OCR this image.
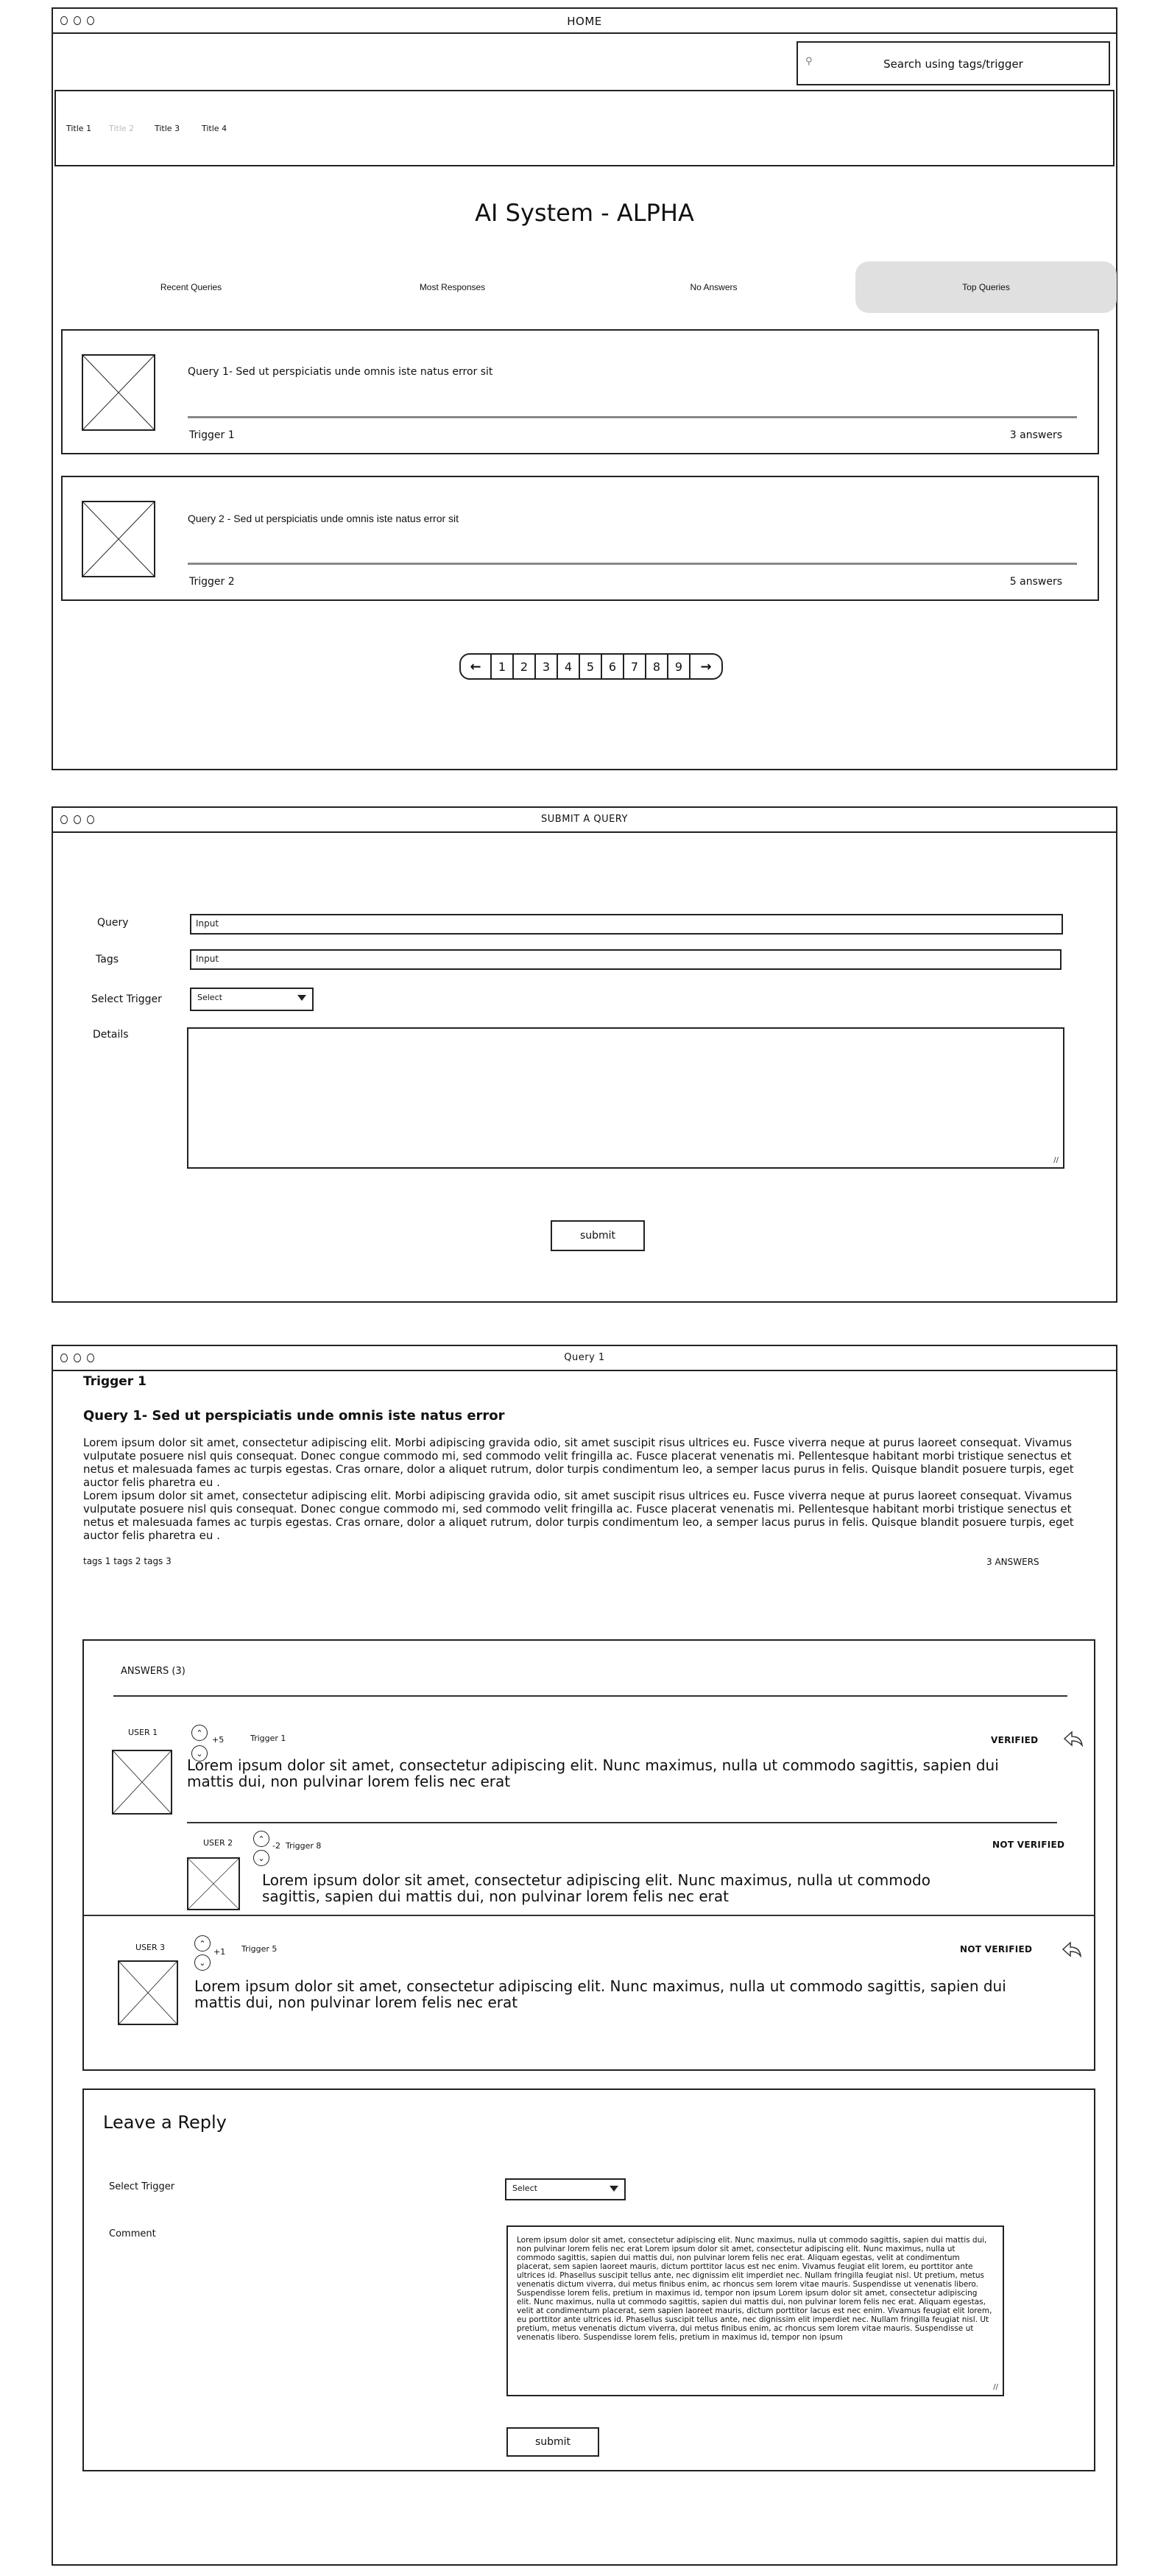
HOME
⚲	Search using tags/trigger
Title 1 Title 2	Title 3	Title 4
AI System - ALPHA
Recent Queries	Most Responses	No Answers	Top Queries
Query 1- Sed ut perspiciatis unde omnis iste natus error sit
Trigger 1	3 answers
Query 2 - Sed ut perspiciatis unde omnis iste natus error sit
Trigger 2	5 answers
←	1	2	3	4	5	6	7	8	9	→
SUBMIT A QUERY
Query	Input
Tags	Input
Select Trigger	Select
Details
//
submit
Query 1
Trigger 1
Query 1- Sed ut perspiciatis unde omnis iste natus error
Lorem ipsum dolor sit amet, consectetur adipiscing elit. Morbi adipiscing gravida odio, sit amet suscipit risus ultrices eu. Fusce viverra neque at purus laoreet consequat. Vivamus vulputate posuere nisl quis consequat. Donec congue commodo mi, sed commodo velit fringilla ac. Fusce placerat venenatis mi. Pellentesque habitant morbi tristique senectus et netus et malesuada fames ac turpis egestas. Cras ornare, dolor a aliquet rutrum, dolor turpis condimentum leo, a semper lacus purus in felis. Quisque blandit posuere turpis, eget auctor felis pharetra eu .
Lorem ipsum dolor sit amet, consectetur adipiscing elit. Morbi adipiscing gravida odio, sit amet suscipit risus ultrices eu. Fusce viverra neque at purus laoreet consequat. Vivamus vulputate posuere nisl quis consequat. Donec congue commodo mi, sed commodo velit fringilla ac. Fusce placerat venenatis mi. Pellentesque habitant morbi tristique senectus et netus et malesuada fames ac turpis egestas. Cras ornare, dolor a aliquet rutrum, dolor turpis condimentum leo, a semper lacus purus in felis. Quisque blandit posuere turpis, eget auctor felis pharetra eu .
tags 1 tags 2 tags 3	3 ANSWERS
ANSWERS (3)
USER 1	⌃
⌄
+5	Trigger 1	VERIFIED
Lorem ipsum dolor sit amet, consectetur adipiscing elit. Nunc maximus, nulla ut commodo sagittis, sapien dui mattis dui, non pulvinar lorem felis nec erat
USER 2	⌃
⌄
-2 Trigger 8	NOT VERIFIED
Lorem ipsum dolor sit amet, consectetur adipiscing elit. Nunc maximus, nulla ut commodo sagittis, sapien dui mattis dui, non pulvinar lorem felis nec erat
USER 3	⌃
⌄
+1 Trigger 5	NOT VERIFIED
Lorem ipsum dolor sit amet, consectetur adipiscing elit. Nunc maximus, nulla ut commodo sagittis, sapien dui mattis dui, non pulvinar lorem felis nec erat
Leave a Reply
Select Trigger	Select
Comment
Lorem ipsum dolor sit amet, consectetur adipiscing elit. Nunc maximus, nulla ut commodo sagittis, sapien dui mattis dui, non pulvinar lorem felis nec erat Lorem ipsum dolor sit amet, consectetur adipiscing elit. Nunc maximus, nulla ut commodo sagittis, sapien dui mattis dui, non pulvinar lorem felis nec erat. Aliquam egestas, velit at condimentum placerat, sem sapien laoreet mauris, dictum porttitor lacus est nec enim. Vivamus feugiat elit lorem, eu porttitor ante ultrices id. Phasellus suscipit tellus ante, nec dignissim elit imperdiet nec. Nullam fringilla feugiat nisl. Ut pretium, metus venenatis dictum viverra, dui metus finibus enim, ac rhoncus sem lorem vitae mauris. Suspendisse ut venenatis libero. Suspendisse lorem felis, pretium in maximus id, tempor non ipsum Lorem ipsum dolor sit amet, consectetur adipiscing elit. Nunc maximus, nulla ut commodo sagittis, sapien dui mattis dui, non pulvinar lorem felis nec erat. Aliquam egestas, velit at condimentum placerat, sem sapien laoreet mauris, dictum porttitor lacus est nec enim. Vivamus feugiat elit lorem, eu porttitor ante ultrices id. Phasellus suscipit tellus ante, nec dignissim elit imperdiet nec. Nullam fringilla feugiat nisl. Ut pretium, metus venenatis dictum viverra, dui metus finibus enim, ac rhoncus sem lorem vitae mauris. Suspendisse ut venenatis libero. Suspendisse lorem felis, pretium in maximus id, tempor non ipsum
//
submit
